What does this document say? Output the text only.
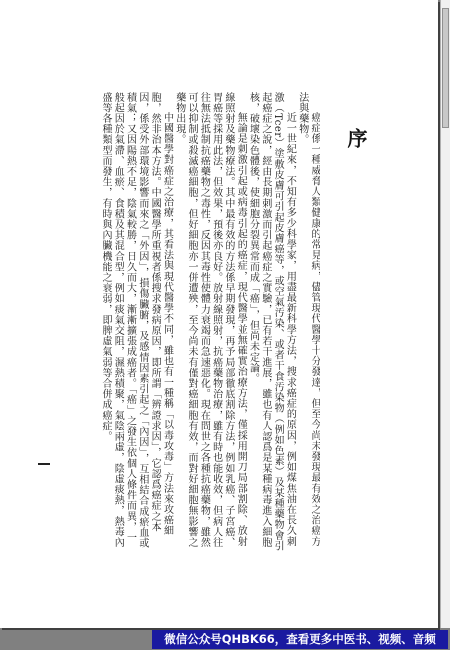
序

癌症係一種威脅人類健康的常見病，儘管現代醫學十分發達，但至今尚未發現最有效之治癌方法與藥物。

近一世紀來，不知有多少科學家，用盡最新科學方法，搜求癌症的原因，例如煤焦油在長久刺激（Tcer）塗敷皮膚可引起皮膚癌等，或空氣汚染、或者干食汚染物（例如色素）及某種藥物會引起癌症之說，經由長期刺激而引起癌症之實驗，已有若干進展，雖也有人認爲是某種病毒進入細胞核，破壞染色體後，使細胞分裂異常而成「癌」，但尚未定論。

無論是刺激引起或病毒引起的癌症，現代醫學並無確實治療方法，僅採用開刀局部割除、放射線照射及藥物療法。其中最有效的方法係早期發現，再予局部徹底割除方法，例如乳癌、子宮癌、胃癌等採用此法，但效果，預後亦良好。放射線照射，抗癌藥物治療，雖有時也能收效，但病人往往無法抵制抗癌藥物之毒性，反因其毒性使體力衰竭而急速惡化。現在問世之各種抗癌藥物，雖然可以抑制或殺滅癌細胞，但好細胞亦一併遭殃，至今尚未有僅對癌細胞有效，而對好細胞無影響之藥物出現。

中國醫學對癌症之治療，其看法與現代醫學不同，雖也有一種稱「以毒攻毒」方法來攻癌細胞，然非治本方法。中國醫學所重視者係搜求發病原因，即所謂「辨證求因」，它認爲癌症之本因，係受外部環境影響而來之「外因」，損傷臟腑，及感情因素引起之「內因」，互相結合成瘀血或積氣；又因陽熱不足，陰氣較勝，日久而大，漸漸擴張成癌者。「癌」之發生依個人條件而異，一般起因於氣滯、血瘀、食積及其混合型，例如痰氣交阻，濕熱積聚，氣陰兩虛，陰虛痰熱，熱毒內盛等各種類型而發生，有時與內臟機能之衰弱，即脾虛氣弱等合併成癌症。

微信公众号QHBK66，查看更多中医书、视频、音频
